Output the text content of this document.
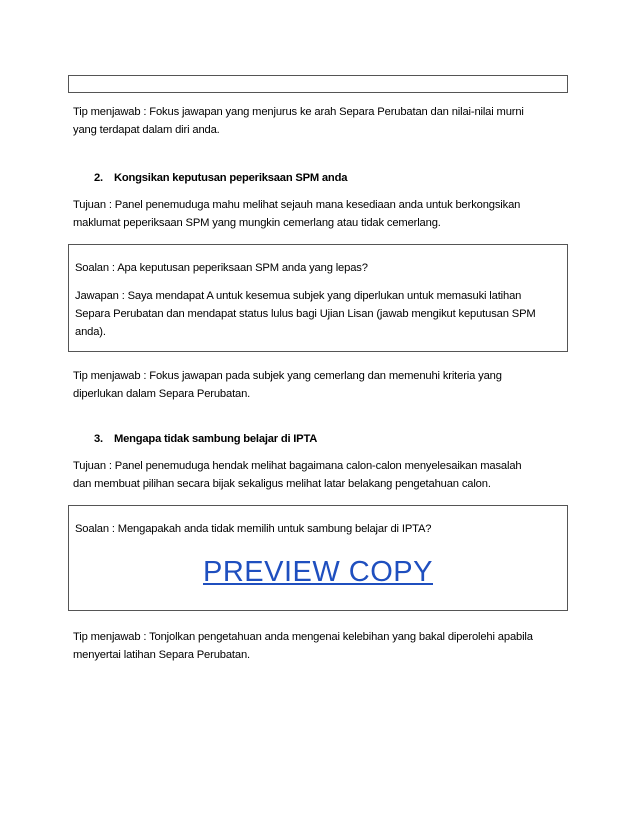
Tip menjawab : Fokus jawapan yang menjurus ke arah Separa Perubatan dan nilai-nilai murni
yang terdapat dalam diri anda.
2. Kongsikan keputusan peperiksaan SPM anda
Tujuan : Panel penemuduga mahu melihat sejauh mana kesediaan anda untuk berkongsikan
maklumat peperiksaan SPM yang mungkin cemerlang atau tidak cemerlang.
Soalan : Apa keputusan peperiksaan SPM anda yang lepas?
Jawapan : Saya mendapat A untuk kesemua subjek yang diperlukan untuk memasuki latihan
Separa Perubatan dan mendapat status lulus bagi Ujian Lisan (jawab mengikut keputusan SPM
anda).
Tip menjawab : Fokus jawapan pada subjek yang cemerlang dan memenuhi kriteria yang
diperlukan dalam Separa Perubatan.
3. Mengapa tidak sambung belajar di IPTA
Tujuan : Panel penemuduga hendak melihat bagaimana calon-calon menyelesaikan masalah
dan membuat pilihan secara bijak sekaligus melihat latar belakang pengetahuan calon.
Soalan : Mengapakah anda tidak memilih untuk sambung belajar di IPTA?
PREVIEW COPY
Tip menjawab : Tonjolkan pengetahuan anda mengenai kelebihan yang bakal diperolehi apabila
menyertai latihan Separa Perubatan.
